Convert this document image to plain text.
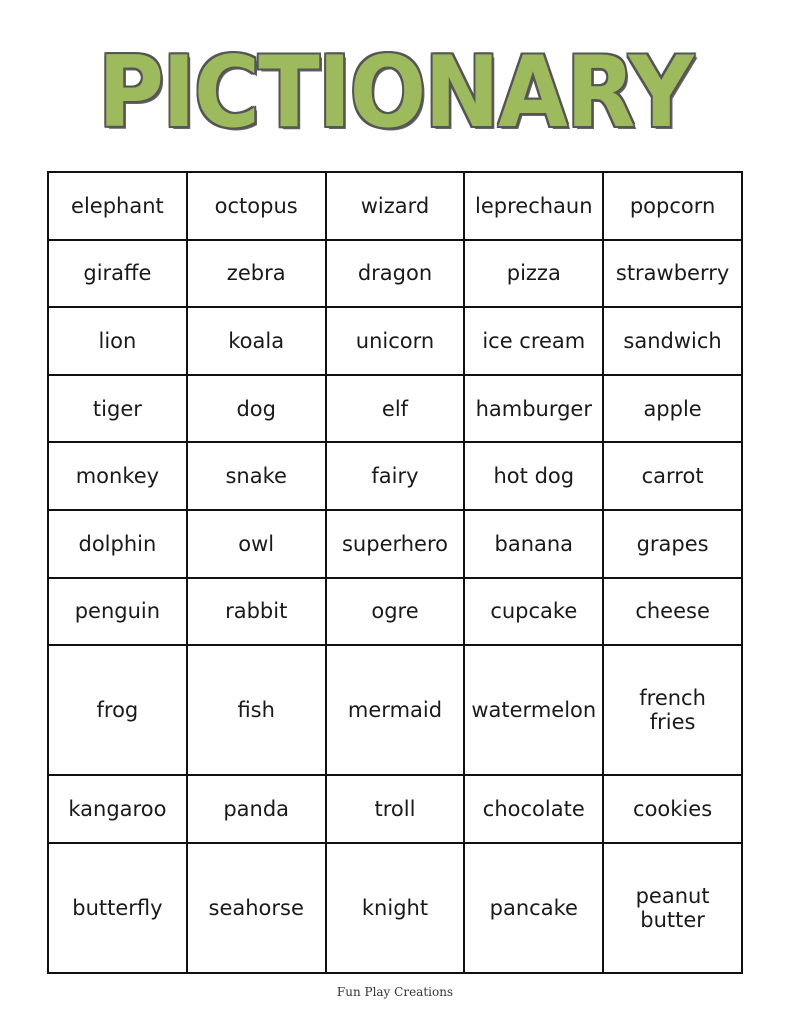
PICTIONARY
elephant	octopus	wizard	leprechaun	popcorn
giraffe	zebra	dragon	pizza	strawberry
lion	koala	unicorn	ice cream	sandwich
tiger	dog	elf	hamburger	apple
monkey	snake	fairy	hot dog	carrot
dolphin	owl	superhero	banana	grapes
penguin	rabbit	ogre	cupcake	cheese
frog	fish	mermaid	watermelon	french fries
kangaroo	panda	troll	chocolate	cookies
butterfly	seahorse	knight	pancake	peanut butter
Fun Play Creations
